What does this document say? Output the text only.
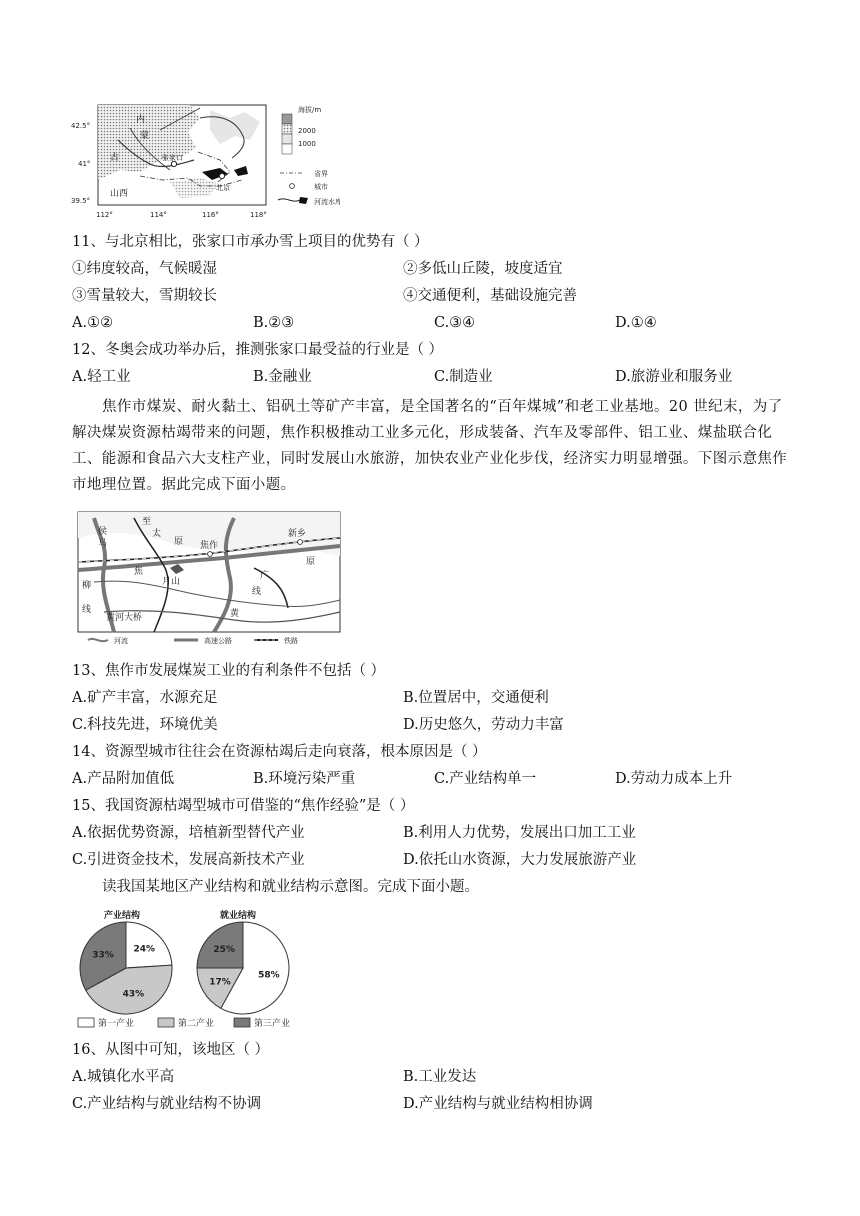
张家口
北京
山西
内
蒙
古
42.5°
41°
39.5°
112°	114°	116°	118°
海拔/m
2000
1000
省界
城市
河流水库
11、与北京相比，张家口市承办雪上项目的优势有（ ）
①纬度较高，气候暖湿	②多低山丘陵，坡度适宜
③雪量较大，雪期较长	④交通便利，基础设施完善
A.①②	B.②③	C.③④	D.①④
12、冬奥会成功举办后，推测张家口最受益的行业是（ ）
A.轻工业	B.金融业	C.制造业	D.旅游业和服务业
焦作市煤炭、耐火黏土、铝矾土等矿产丰富，是全国著名的“百年煤城”和老工业基地。20 世纪末，为了解决煤炭资源枯竭带来的问题，焦作积极推动工业多元化，形成装备、汽车及零部件、铝工业、煤盐联合化工、能源和食品六大支柱产业，同时发展山水旅游，加快农业产业化步伐，经济实力明显增强。下图示意焦作市地理位置。据此完成下面小题。
焦作
新乡
至
太
侯
马
焦
月山
原
原
广
柳
线
线
黄
黄河大桥
河流	高速公路	铁路
13、焦作市发展煤炭工业的有利条件不包括（ ）
A.矿产丰富，水源充足	B.位置居中，交通便利
C.科技先进，环境优美	D.历史悠久，劳动力丰富
14、资源型城市往往会在资源枯竭后走向衰落，根本原因是（ ）
A.产品附加值低	B.环境污染严重	C.产业结构单一	D.劳动力成本上升
15、我国资源枯竭型城市可借鉴的“焦作经验”是（ ）
A.依据优势资源，培植新型替代产业	B.利用人力优势，发展出口加工工业
C.引进资金技术，发展高新技术产业	D.依托山水资源，大力发展旅游产业
读我国某地区产业结构和就业结构示意图。完成下面小题。
产业结构	就业结构
24%
43%
33%
58%
17%
25%
第一产业	第二产业	第三产业
16、从图中可知，该地区（ ）
A.城镇化水平高	B.工业发达
C.产业结构与就业结构不协调	D.产业结构与就业结构相协调
